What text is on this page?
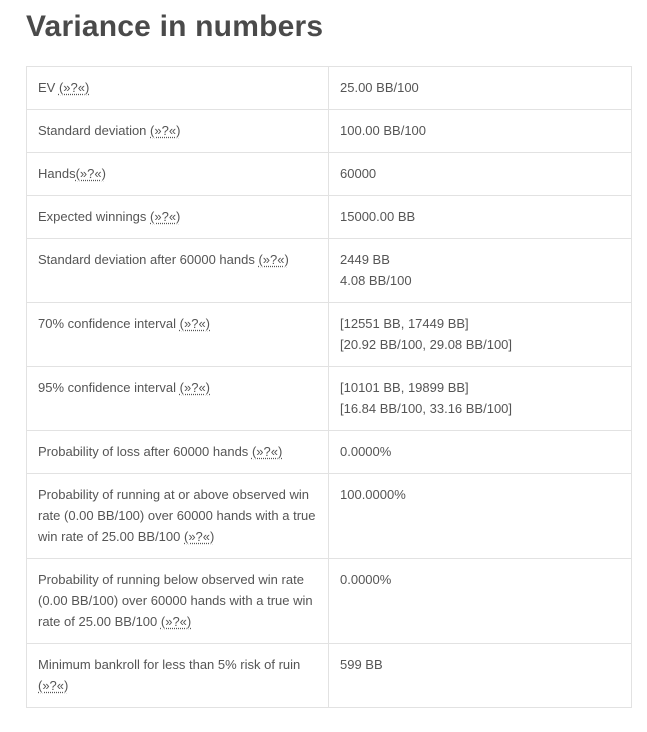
Variance in numbers
EV (»?«)	25.00 BB/100

Standard deviation (»?«)	100.00 BB/100

Hands(»?«)	60000

Expected winnings (»?«)	15000.00 BB

Standard deviation after 60000 hands (»?«)	2449 BB
4.08 BB/100

70% confidence interval (»?«)	[12551 BB, 17449 BB]
[20.92 BB/100, 29.08 BB/100]

95% confidence interval (»?«)	[10101 BB, 19899 BB]
[16.84 BB/100, 33.16 BB/100]

Probability of loss after 60000 hands (»?«)	0.0000%

Probability of running at or above observed win rate (0.00 BB/100) over 60000 hands with a true win rate of 25.00 BB/100 (»?«)	100.0000%

Probability of running below observed win rate (0.00 BB/100) over 60000 hands with a true win rate of 25.00 BB/100 (»?«)	0.0000%

Minimum bankroll for less than 5% risk of ruin (»?«)	599 BB
